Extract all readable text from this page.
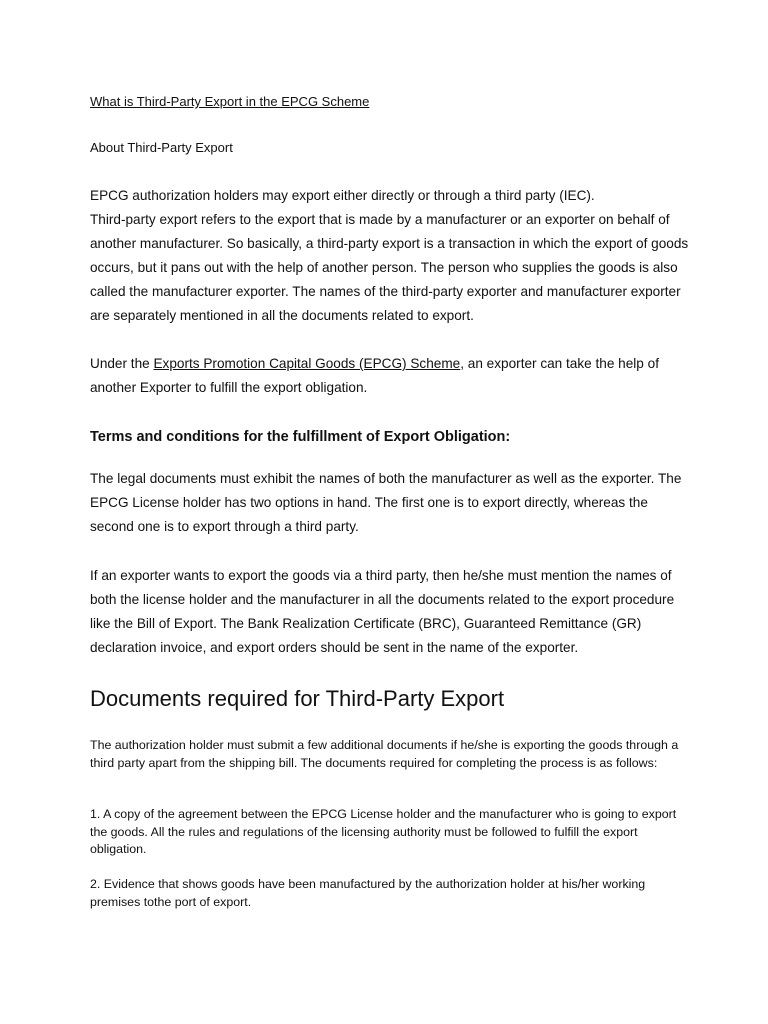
What is Third-Party Export in the EPCG Scheme

About Third-Party Export

EPCG authorization holders may export either directly or through a third party (IEC).
Third-party export refers to the export that is made by a manufacturer or an exporter on behalf of another manufacturer. So basically, a third-party export is a transaction in which the export of goods occurs, but it pans out with the help of another person. The person who supplies the goods is also called the manufacturer exporter. The names of the third-party exporter and manufacturer exporter are separately mentioned in all the documents related to export.

Under the Exports Promotion Capital Goods (EPCG) Scheme, an exporter can take the help of another Exporter to fulfill the export obligation.

Terms and conditions for the fulfillment of Export Obligation:

The legal documents must exhibit the names of both the manufacturer as well as the exporter. The EPCG License holder has two options in hand. The first one is to export directly, whereas the second one is to export through a third party.

If an exporter wants to export the goods via a third party, then he/she must mention the names of both the license holder and the manufacturer in all the documents related to the export procedure like the Bill of Export. The Bank Realization Certificate (BRC), Guaranteed Remittance (GR) declaration invoice, and export orders should be sent in the name of the exporter.

Documents required for Third-Party Export

The authorization holder must submit a few additional documents if he/she is exporting the goods through a third party apart from the shipping bill. The documents required for completing the process is as follows:

1. A copy of the agreement between the EPCG License holder and the manufacturer who is going to export the goods. All the rules and regulations of the licensing authority must be followed to fulfill the export obligation.

2. Evidence that shows goods have been manufactured by the authorization holder at his/her working premises tothe port of export.
